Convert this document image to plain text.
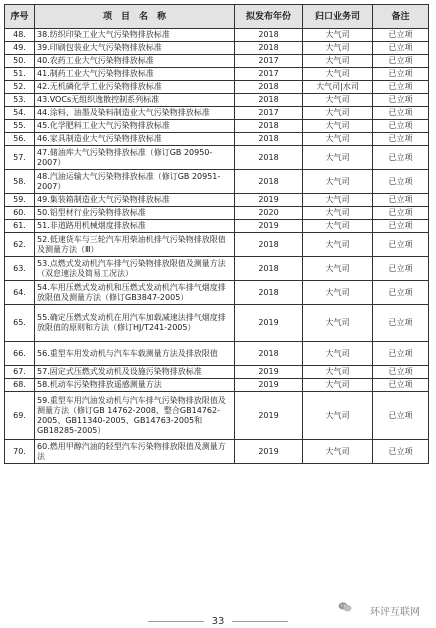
序号	项　目　名　称	拟发布年份	归口业务司	备注
48.	38.纺织印染工业大气污染物排放标准	2018	大气司	已立项
49.	39.印刷包装业大气污染物排放标准	2018	大气司	已立项
50.	40.农药工业大气污染物排放标准	2017	大气司	已立项
51.	41.制药工业大气污染物排放标准	2017	大气司	已立项
52.	42.无机磷化学工业污染物排放标准	2018	大气司|水司	已立项
53.	43.VOCs无组织逸散控制系列标准	2018	大气司	已立项
54.	44.涂料、油墨及染料制造业大气污染物排放标准	2017	大气司	已立项
55.	45.化学肥料工业大气污染物排放标准	2018	大气司	已立项
56.	46.家具制造业大气污染物排放标准	2018	大气司	已立项
57.	47.储油库大气污染物排放标准（修订GB 20950-2007）	2018	大气司	已立项
58.	48.汽油运输大气污染物排放标准（修订GB 20951-2007）	2018	大气司	已立项
59.	49.集装箱制造业大气污染物排放标准	2019	大气司	已立项
60.	50.铝型材行业污染物排放标准	2020	大气司	已立项
61.	51.非道路用机械烟度排放标准	2019	大气司	已立项
62.	52.低速货车与三轮汽车用柴油机排气污染物排放限值及测量方法（Ⅲ）	2018	大气司	已立项
63.	53.点燃式发动机汽车排气污染物排放限值及测量方法（双怠速法及简易工况法）	2018	大气司	已立项
64.	54.车用压燃式发动机和压燃式发动机汽车排气烟度排放限值及测量方法（修订GB3847-2005）	2018	大气司	已立项
65.	55.确定压燃式发动机在用汽车加载减速法排气烟度排放限值的原则和方法（修订HJ/T241-2005）	2019	大气司	已立项
66.	56.重型车用发动机与汽车车载测量方法及排放限值	2018	大气司	已立项
67.	57.固定式压燃式发动机及设施污染物排放标准	2019	大气司	已立项
68.	58.机动车污染物排放遥感测量方法	2019	大气司	已立项
69.	59.重型车用汽油发动机与汽车排气污染物排放限值及测量方法（修订GB 14762-2008，整合GB14762-2005、GB11340-2005、GB14763-2005和GB18285-2005）	2019	大气司	已立项
70.	60.燃用甲醇汽油的轻型汽车污染物排放限值及测量方法	2019	大气司	已立项
环评互联网
33
